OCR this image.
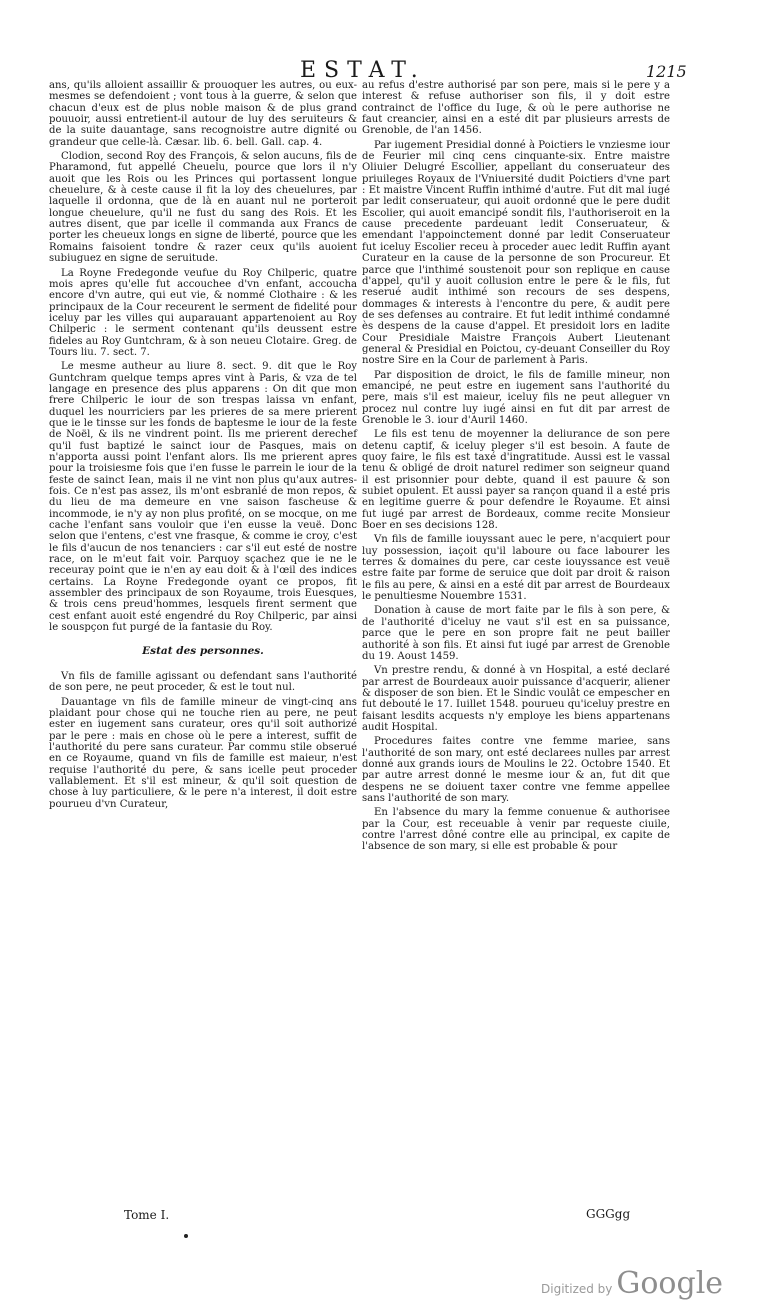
ESTAT.	1215

ans, qu'ils alloient assaillir & prouoquer les autres, ou eux-mesmes se defendoient ; vont tous à la guerre, & selon que chacun d'eux est de plus noble maison & de plus grand pouuoir, aussi entretient-il autour de luy des seruiteurs & de la suite dauantage, sans recognoistre autre dignité ou grandeur que celle-là. Cæsar. lib. 6. bell. Gall. cap. 4.

Clodion, second Roy des François, & selon aucuns, fils de Pharamond, fut appellé Cheuelu, pource que lors il n'y auoit que les Rois ou les Princes qui portassent longue cheuelure, & à ceste cause il fit la loy des cheuelures, par laquelle il ordonna, que de là en auant nul ne porteroit longue cheuelure, qu'il ne fust du sang des Rois. Et les autres disent, que par icelle il commanda aux Francs de porter les cheueux longs en signe de liberté, pource que les Romains faisoient tondre & razer ceux qu'ils auoient subiuguez en signe de seruitude.

La Royne Fredegonde veufue du Roy Chilperic, quatre mois apres qu'elle fut accouchee d'vn enfant, accoucha encore d'vn autre, qui eut vie, & nommé Clothaire : & les principaux de la Cour receurent le serment de fidelité pour iceluy par les villes qui auparauant appartenoient au Roy Chilperic : le serment contenant qu'ils deussent estre fideles au Roy Guntchram, & à son neueu Clotaire. Greg. de Tours liu. 7. sect. 7.

Le mesme autheur au liure 8. sect. 9. dit que le Roy Guntchram quelque temps apres vint à Paris, & vza de tel langage en presence des plus apparens : On dit que mon frere Chilperic le iour de son trespas laissa vn enfant, duquel les nourriciers par les prieres de sa mere prierent que ie le tinsse sur les fonds de baptesme le iour de la feste de Noël, & ils ne vindrent point. Ils me prierent derechef qu'il fust baptizé le sainct iour de Pasques, mais on n'apporta aussi point l'enfant alors. Ils me prierent apres pour la troisiesme fois que i'en fusse le parrein le iour de la feste de sainct Iean, mais il ne vint non plus qu'aux autres-fois. Ce n'est pas assez, ils m'ont esbranlé de mon repos, & du lieu de ma demeure en vne saison fascheuse & incommode, ie n'y ay non plus profité, on se mocque, on me cache l'enfant sans vouloir que i'en eusse la veuë. Donc selon que i'entens, c'est vne frasque, & comme ie croy, c'est le fils d'aucun de nos tenanciers : car s'il eut esté de nostre race, on le m'eut fait voir. Parquoy sçachez que ie ne le receuray point que ie n'en ay eau doit & à l'œil des indices certains. La Royne Fredegonde oyant ce propos, fit assembler des principaux de son Royaume, trois Euesques, & trois cens preud'hommes, lesquels firent serment que cest enfant auoit esté engendré du Roy Chilperic, par ainsi le souspçon fut purgé de la fantasie du Roy.

Estat des personnes.

Vn fils de famille agissant ou defendant sans l'authorité de son pere, ne peut proceder, & est le tout nul.

Dauantage vn fils de famille mineur de vingt-cinq ans plaidant pour chose qui ne touche rien au pere, ne peut ester en iugement sans curateur, ores qu'il soit authorizé par le pere : mais en chose où le pere a interest, suffit de l'authorité du pere sans curateur. Par commu stile obserué en ce Royaume, quand vn fils de famille est maieur, n'est requise l'authorité du pere, & sans icelle peut proceder vallablement. Et s'il est mineur, & qu'il soit question de chose à luy particuliere, & le pere n'a interest, il doit estre pourueu d'vn Curateur,

au refus d'estre authorisé par son pere, mais si le pere y a interest & refuse authoriser son fils, il y doit estre contrainct de l'office du Iuge, & où le pere authorise ne faut creancier, ainsi en a esté dit par plusieurs arrests de Grenoble, de l'an 1456.

Par iugement Presidial donné à Poictiers le vnziesme iour de Feurier mil cinq cens cinquante-six. Entre maistre Oliuier Delugré Escollier, appellant du conseruateur des priuileges Royaux de l'Vniuersité dudit Poictiers d'vne part : Et maistre Vincent Ruffin inthimé d'autre. Fut dit mal iugé par ledit conseruateur, qui auoit ordonné que le pere dudit Escolier, qui auoit emancipé sondit fils, l'authoriseroit en la cause precedente pardeuant ledit Conseruateur, & emendant l'appoinctement donné par ledit Conseruateur fut iceluy Escolier receu à proceder auec ledit Ruffin ayant Curateur en la cause de la personne de son Procureur. Et parce que l'inthimé soustenoit pour son replique en cause d'appel, qu'il y auoit collusion entre le pere & le fils, fut reserué audit inthimé son recours de ses despens, dommages & interests à l'encontre du pere, & audit pere de ses defenses au contraire. Et fut ledit inthimé condamné ès despens de la cause d'appel. Et presidoit lors en ladite Cour Presidiale Maistre François Aubert Lieutenant general & Presidial en Poictou, cy-deuant Conseiller du Roy nostre Sire en la Cour de parlement à Paris.

Par disposition de droict, le fils de famille mineur, non emancipé, ne peut estre en iugement sans l'authorité du pere, mais s'il est maieur, iceluy fils ne peut alleguer vn procez nul contre luy iugé ainsi en fut dit par arrest de Grenoble le 3. iour d'Auril 1460.

Le fils est tenu de moyenner la deliurance de son pere detenu captif, & iceluy pleger s'il est besoin. A faute de quoy faire, le fils est taxé d'ingratitude. Aussi est le vassal tenu & obligé de droit naturel redimer son seigneur quand il est prisonnier pour debte, quand il est pauure & son subiet opulent. Et aussi payer sa rançon quand il a esté pris en legitime guerre & pour defendre le Royaume. Et ainsi fut iugé par arrest de Bordeaux, comme recite Monsieur Boer en ses decisions 128.

Vn fils de famille iouyssant auec le pere, n'acquiert pour luy possession, iaçoit qu'il laboure ou face labourer les terres & domaines du pere, car ceste iouyssance est veuë estre faite par forme de seruice que doit par droit & raison le fils au pere, & ainsi en a esté dit par arrest de Bourdeaux le penultiesme Nouembre 1531.

Donation à cause de mort faite par le fils à son pere, & de l'authorité d'iceluy ne vaut s'il est en sa puissance, parce que le pere en son propre fait ne peut bailler authorité à son fils. Et ainsi fut iugé par arrest de Grenoble du 19. Aoust 1459.

Vn prestre rendu, & donné à vn Hospital, a esté declaré par arrest de Bourdeaux auoir puissance d'acquerir, aliener & disposer de son bien. Et le Sindic voulât ce empescher en fut debouté le 17. Iuillet 1548. pourueu qu'iceluy prestre en faisant lesdits acquests n'y employe les biens appartenans audit Hospital.

Procedures faites contre vne femme mariee, sans l'authorité de son mary, ont esté declarees nulles par arrest donné aux grands iours de Moulins le 22. Octobre 1540. Et par autre arrest donné le mesme iour & an, fut dit que despens ne se doiuent taxer contre vne femme appellee sans l'authorité de son mary.

En l'absence du mary la femme conuenue & authorisee par la Cour, est receuable à venir par requeste ciuile, contre l'arrest dôné contre elle au principal, ex capite de l'absence de son mary, si elle est probable & pour

Tome I.	GGGgg
Digitized by Google
